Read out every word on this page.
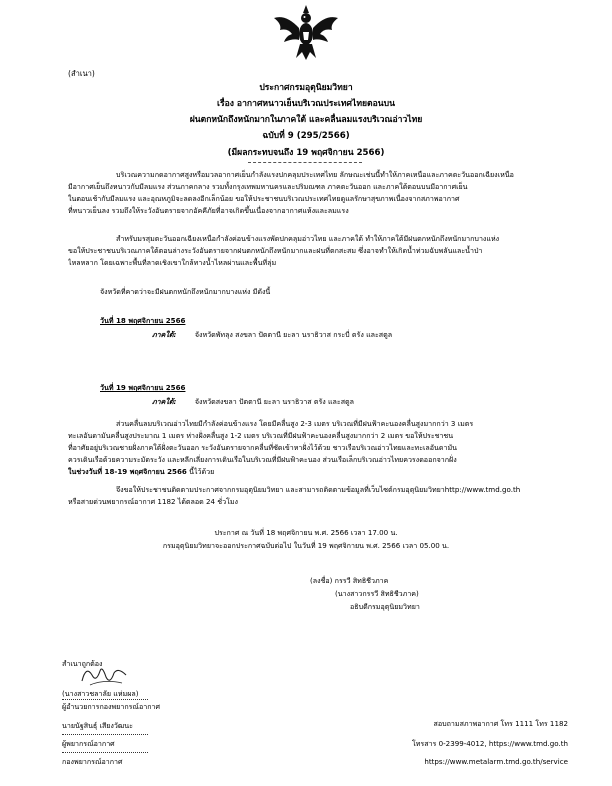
(สำเนา)
ประกาศกรมอุตุนิยมวิทยา
เรื่อง อากาศหนาวเย็นบริเวณประเทศไทยตอนบน
ฝนตกหนักถึงหนักมากในภาคใต้ และคลื่นลมแรงบริเวณอ่าวไทย
ฉบับที่ 9 (295/2566)
(มีผลกระทบจนถึง 19 พฤศจิกายน 2566)
บริเวณความกดอากาศสูงหรือมวลอากาศเย็นกำลังแรงปกคลุมประเทศไทย ลักษณะเช่นนี้ทำให้ภาคเหนือและภาคตะวันออกเฉียงเหนือ
มีอากาศเย็นถึงหนาวกับมีลมแรง ส่วนภาคกลาง รวมทั้งกรุงเทพมหานครและปริมณฑล ภาคตะวันออก และภาคใต้ตอนบนมีอากาศเย็น
ในตอนเช้ากับมีลมแรง และอุณหภูมิจะลดลงอีกเล็กน้อย ขอให้ประชาชนบริเวณประเทศไทยดูแลรักษาสุขภาพเนื่องจากสภาพอากาศ
ที่หนาวเย็นลง รวมถึงให้ระวังอันตรายจากอัคคีภัยที่อาจเกิดขึ้นเนื่องจากอากาศแห้งและลมแรง
สำหรับมรสุมตะวันออกเฉียงเหนือกำลังค่อนข้างแรงพัดปกคลุมอ่าวไทย และภาคใต้ ทำให้ภาคใต้มีฝนตกหนักถึงหนักมากบางแห่ง
ขอให้ประชาชนบริเวณภาคใต้ตอนล่างระวังอันตรายจากฝนตกหนักถึงหนักมากและฝนที่ตกสะสม ซึ่งอาจทำให้เกิดน้ำท่วมฉับพลันและน้ำป่า
ไหลหลาก โดยเฉพาะพื้นที่ลาดเชิงเขาใกล้ทางน้ำไหลผ่านและพื้นที่ลุ่ม
จังหวัดที่คาดว่าจะมีฝนตกหนักถึงหนักมากบางแห่ง มีดังนี้
วันที่ 18 พฤศจิกายน 2566
ภาคใต้:	จังหวัดพัทลุง สงขลา ปัตตานี ยะลา นราธิวาส กระบี่ ตรัง และสตูล
วันที่ 19 พฤศจิกายน 2566
ภาคใต้:	จังหวัดสงขลา ปัตตานี ยะลา นราธิวาส ตรัง และสตูล
ส่วนคลื่นลมบริเวณอ่าวไทยมีกำลังค่อนข้างแรง โดยมีคลื่นสูง 2-3 เมตร บริเวณที่มีฝนฟ้าคะนองคลื่นสูงมากกว่า 3 เมตร
ทะเลอันดามันคลื่นสูงประมาณ 1 เมตร ห่างฝั่งคลื่นสูง 1-2 เมตร บริเวณที่มีฝนฟ้าคะนองคลื่นสูงมากกว่า 2 เมตร ขอให้ประชาชน
ที่อาศัยอยู่บริเวณชายฝั่งภาคใต้ฝั่งตะวันออก ระวังอันตรายจากคลื่นที่ซัดเข้าหาฝั่งไว้ด้วย ชาวเรือบริเวณอ่าวไทยและทะเลอันดามัน
ควรเดินเรือด้วยความระมัดระวัง และหลีกเลี่ยงการเดินเรือในบริเวณที่มีฝนฟ้าคะนอง ส่วนเรือเล็กบริเวณอ่าวไทยควรงดออกจากฝั่ง
ในช่วงวันที่ 18-19 พฤศจิกายน 2566 นี้ไว้ด้วย
จึงขอให้ประชาชนติดตามประกาศจากกรมอุตุนิยมวิทยา และสามารถติดตามข้อมูลที่เว็บไซต์กรมอุตุนิยมวิทยาhttp://www.tmd.go.th
หรือสายด่วนพยากรณ์อากาศ 1182 ได้ตลอด 24 ชั่วโมง
ประกาศ ณ วันที่ 18 พฤศจิกายน พ.ศ. 2566 เวลา 17.00 น.
กรมอุตุนิยมวิทยาจะออกประกาศฉบับต่อไป ในวันที่ 19 พฤศจิกายน พ.ศ. 2566 เวลา 05.00 น.
(ลงชื่อ) กรรวี สิทธิชีวภาค
(นางสาวกรรวี สิทธิชีวภาค)
อธิบดีกรมอุตุนิยมวิทยา
สำเนาถูกต้อง
(นางสาวชลาลัย แห่มผล)
ผู้อำนวยการกองพยากรณ์อากาศ
นายนัฐสินธุ์ เสียงวัฒนะ
ผู้พยากรณ์อากาศ
กองพยากรณ์อากาศ
สอบถามสภาพอากาศ โทร 1111 โทร 1182
โทรสาร 0-2399-4012, https://www.tmd.go.th
https://www.metalarm.tmd.go.th/service
